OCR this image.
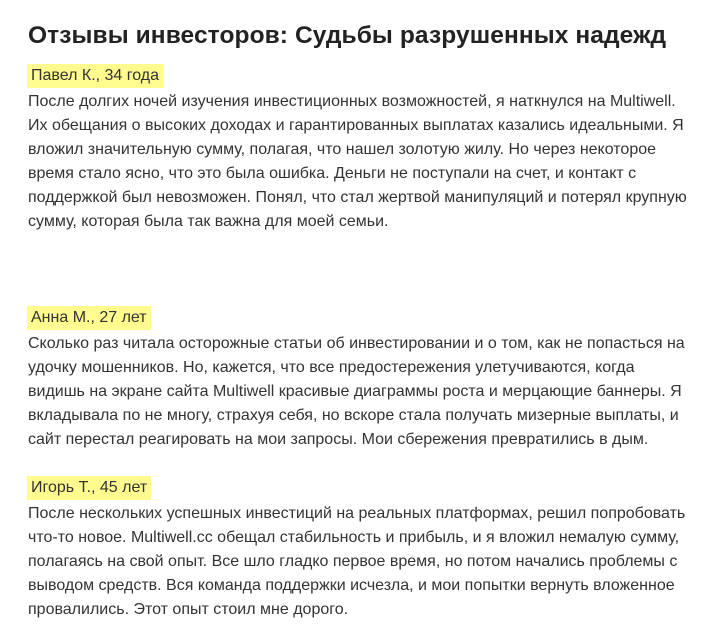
Отзывы инвесторов: Судьбы разрушенных надежд
Павел К., 34 года

После долгих ночей изучения инвестиционных возможностей, я наткнулся на Multiwell. Их обещания о высоких доходах и гарантированных выплатах казались идеальными. Я вложил значительную сумму, полагая, что нашел золотую жилу. Но через некоторое время стало ясно, что это была ошибка. Деньги не поступали на счет, и контакт с поддержкой был невозможен. Понял, что стал жертвой манипуляций и потерял крупную сумму, которая была так важна для моей семьи.

Анна М., 27 лет

Сколько раз читала осторожные статьи об инвестировании и о том, как не попасться на удочку мошенников. Но, кажется, что все предостережения улетучиваются, когда видишь на экране сайта Multiwell красивые диаграммы роста и мерцающие баннеры. Я вкладывала по не многу, страхуя себя, но вскоре стала получать мизерные выплаты, и сайт перестал реагировать на мои запросы. Мои сбережения превратились в дым.

Игорь Т., 45 лет

После нескольких успешных инвестиций на реальных платформах, решил попробовать что-то новое. Multiwell.cc обещал стабильность и прибыль, и я вложил немалую сумму, полагаясь на свой опыт. Все шло гладко первое время, но потом начались проблемы с выводом средств. Вся команда поддержки исчезла, и мои попытки вернуть вложенное провалились. Этот опыт стоил мне дорого.
